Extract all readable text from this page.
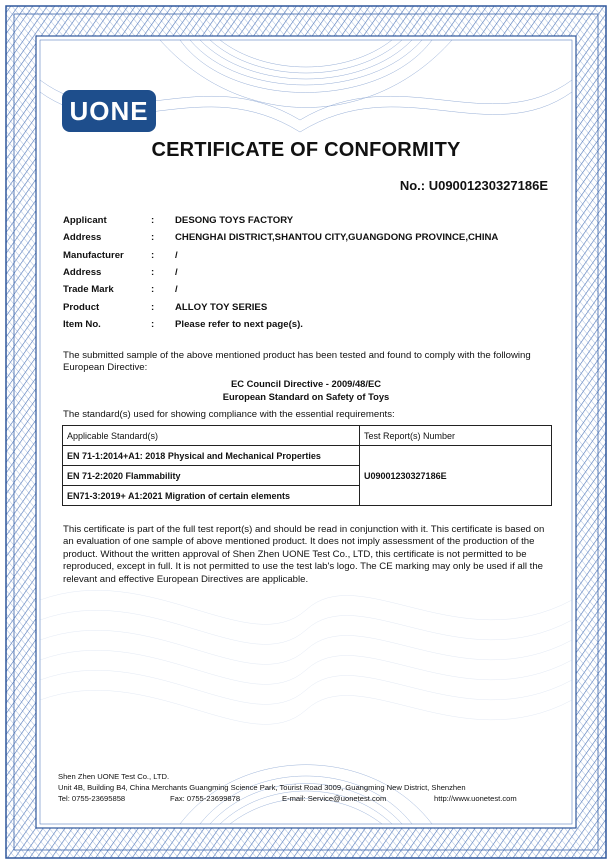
UONE
CERTIFICATE OF CONFORMITY
No.: U09001230327186E
Applicant	:	DESONG TOYS FACTORY
Address	:	CHENGHAI DISTRICT,SHANTOU CITY,GUANGDONG PROVINCE,CHINA
Manufacturer	:	/
Address	:	/
Trade Mark	:	/
Product	:	ALLOY TOY SERIES
Item No.	:	Please refer to next page(s).
The submitted sample of the above mentioned product has been tested and found to comply with the following European Directive:
EC Council Directive - 2009/48/EC
European Standard on Safety of Toys
The standard(s) used for showing compliance with the essential requirements:
Applicable Standard(s)	Test Report(s) Number
EN 71-1:2014+A1: 2018 Physical and Mechanical Properties	U09001230327186E
EN 71-2:2020 Flammability	
EN71-3:2019+ A1:2021 Migration of certain elements	
This certificate is part of the full test report(s) and should be read in conjunction with it. This certificate is based on an evaluation of one sample of above mentioned product. It does not imply assessment of the production of the product. Without the written approval of Shen Zhen UONE Test Co., LTD, this certificate is not permitted to be reproduced, except in full. It is not permitted to use the test lab's logo. The CE marking may only be used if all the relevant and effective European Directives are applicable.
Shen Zhen UONE Test Co., LTD.
Unit 4B, Building B4, China Merchants Guangming Science Park, Tourist Road 3009, Guangming New District, Shenzhen
Tel: 0755-23695858	Fax: 0755-23699878	E-mail: Service@uonetest.com	http://www.uonetest.com
